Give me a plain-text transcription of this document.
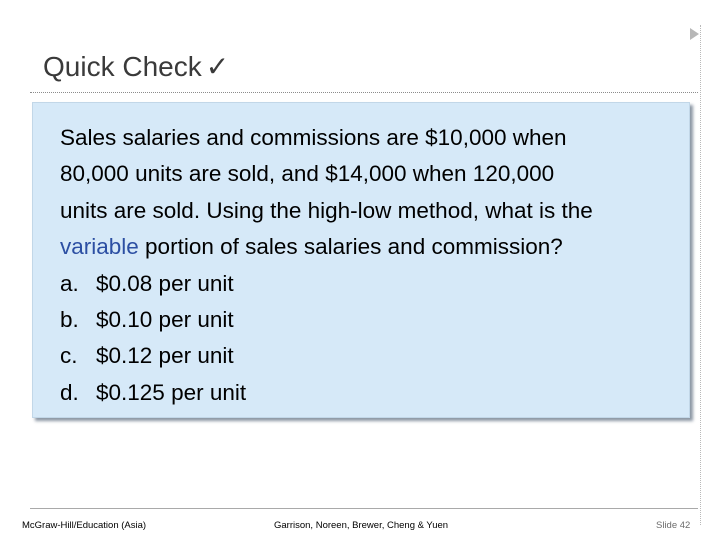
Quick Check ✓
Sales salaries and commissions are $10,000 when
80,000 units are sold, and $14,000 when 120,000
units are sold. Using the high-low method, what is the
variable portion of sales salaries and commission?
a. $0.08 per unit
b. $0.10 per unit
c. $0.12 per unit
d. $0.125 per unit
McGraw-Hill/Education (Asia)	Garrison, Noreen, Brewer, Cheng & Yuen	Slide 42
